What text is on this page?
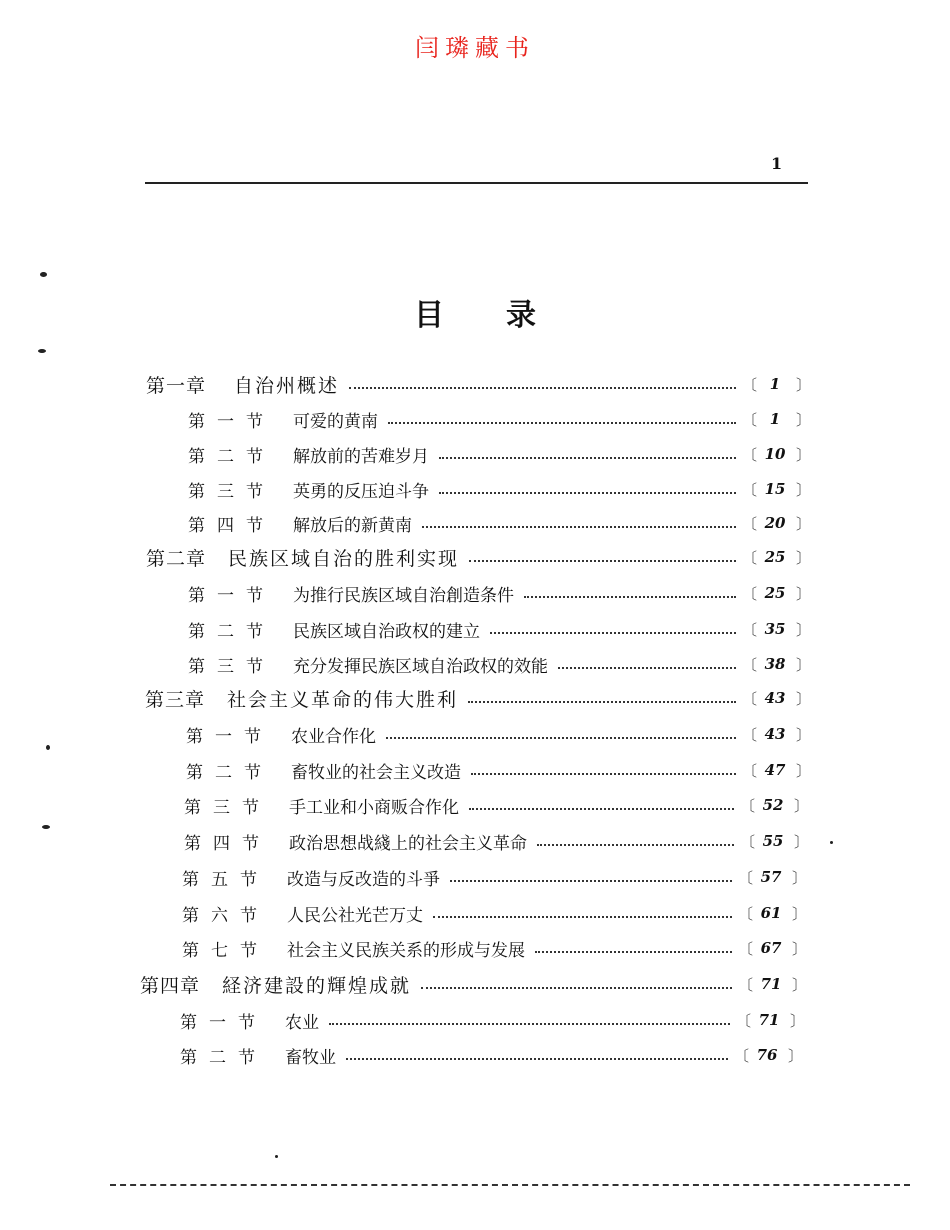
闫璘藏书
1
目录
第一章 自治州概述	〔 1	〕
第一节 可爱的黄南	〔 1	〕
第二节 解放前的苦难岁月	〔 10 〕
第三节 英勇的反压迫斗争	〔 15 〕
第四节 解放后的新黄南	〔 20 〕
第二章 民族区域自治的胜利实现	〔 25 〕
第一节 为推行民族区域自治創造条件	〔 25 〕
第二节 民族区域自治政权的建立	〔 35 〕
第三节 充分发揮民族区域自治政权的效能	〔 38 〕
第三章 社会主义革命的伟大胜利	〔 43 〕
第一节 农业合作化	〔 43 〕
第二节 畜牧业的社会主义改造	〔 47 〕
第三节 手工业和小商贩合作化	〔 52 〕
第四节 政治思想战綫上的社会主义革命	〔 55 〕
第五节 改造与反改造的斗爭	〔 57 〕
第六节 人民公社光芒万丈	〔 61 〕
第七节 社会主义民族关系的形成与发展	〔 67 〕
第四章 経济建設的輝煌成就	〔 71 〕
第一节 农业	〔 71 〕
第二节 畜牧业	〔 76 〕
